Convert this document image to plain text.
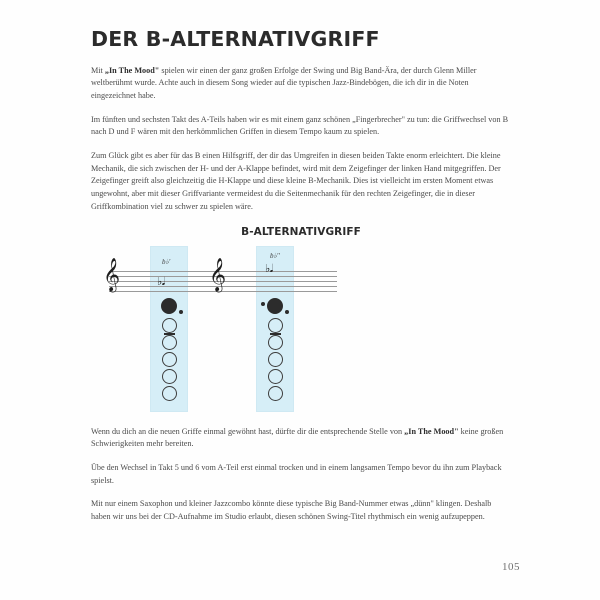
DER B-ALTERNATIVGRIFF

Mit „In The Mood" spielen wir einen der ganz großen Erfolge der Swing und Big Band-Ära, der durch Glenn Miller weltberühmt wurde. Achte auch in diesem Song wieder auf die typischen Jazz-Bindebögen, die ich dir in die Noten eingezeichnet habe.

Im fünften und sechsten Takt des A-Teils haben wir es mit einem ganz schönen „Fingerbrecher" zu tun: die Griffwechsel von B nach D und F wären mit den herkömmlichen Griffen in diesem Tempo kaum zu spielen.

Zum Glück gibt es aber für das B einen Hilfsgriff, der dir das Umgreifen in diesen beiden Takte enorm erleichtert. Die kleine Mechanik, die sich zwischen der H- und der A-Klappe befindet, wird mit dem Zeigefinger der linken Hand mitgegriffen. Der Zeigefinger greift also gleichzeitig die H-Klappe und diese kleine B-Mechanik. Dies ist vielleicht im ersten Moment etwas ungewohnt, aber mit dieser Griffvariante vermeidest du die Seitenmechanik für den rechten Zeigefinger, die in dieser Griffkombination viel zu schwer zu spielen wäre.

B-ALTERNATIVGRIFF
𝄞	b♭'
♭𝅘𝅥 𝄞
b♭''
♭𝅘𝅥

Wenn du dich an die neuen Griffe einmal gewöhnt hast, dürfte dir die entsprechende Stelle von „In The Mood" keine großen Schwierigkeiten mehr bereiten.

Übe den Wechsel in Takt 5 und 6 vom A-Teil erst einmal trocken und in einem langsamen Tempo bevor du ihn zum Playback spielst.

Mit nur einem Saxophon und kleiner Jazzcombo könnte diese typische Big Band-Nummer etwas „dünn" klingen. Deshalb haben wir uns bei der CD-Aufnahme im Studio erlaubt, diesen schönen Swing-Titel rhythmisch ein wenig aufzupeppen.

105
